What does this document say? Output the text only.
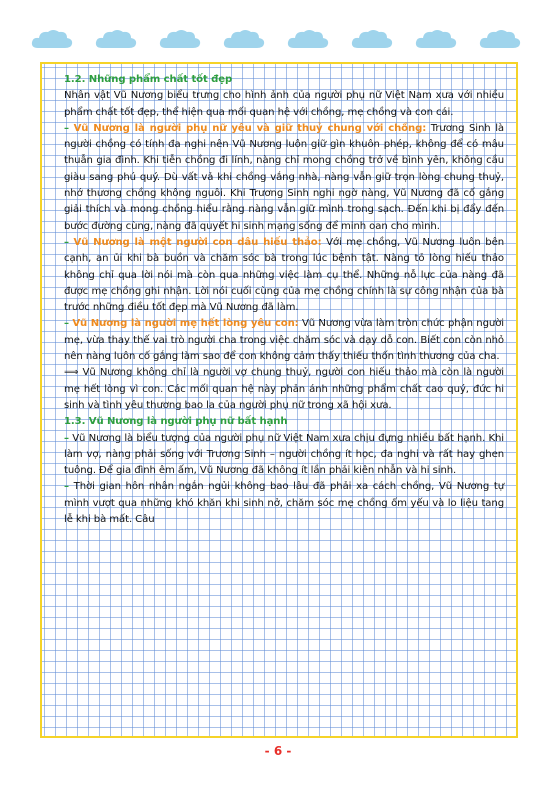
1.2. Những phẩm chất tốt đẹp

Nhân vật Vũ Nương biểu trưng cho hình ảnh của người phụ nữ Việt Nam xưa với nhiều phẩm chất tốt đẹp, thể hiện qua mối quan hệ với chồng, mẹ chồng và con cái.

– Vũ Nương là người phụ nữ yêu và giữ thuỷ chung với chồng: Trương Sinh là người chồng có tính đa nghi nên Vũ Nương luôn giữ gìn khuôn phép, không để có mâu thuẫn gia đình. Khi tiễn chồng đi lính, nàng chỉ mong chồng trở về bình yên, không cầu giàu sang phú quý. Dù vất vả khi chồng vắng nhà, nàng vẫn giữ trọn lòng chung thuỷ, nhớ thương chồng không nguôi. Khi Trương Sinh nghi ngờ nàng, Vũ Nương đã cố gắng giải thích và mong chồng hiểu rằng nàng vẫn giữ mình trong sạch. Đến khi bị đẩy đến bước đường cùng, nàng đã quyết hi sinh mạng sống để minh oan cho mình.

– Vũ Nương là một người con dâu hiếu thảo: Với mẹ chồng, Vũ Nương luôn bên cạnh, an ủi khi bà buồn và chăm sóc bà trong lúc bệnh tật. Nàng tỏ lòng hiếu thảo không chỉ qua lời nói mà còn qua những việc làm cụ thể. Những nỗ lực của nàng đã được mẹ chồng ghi nhận. Lời nói cuối cùng của mẹ chồng chính là sự công nhận của bà trước những điều tốt đẹp mà Vũ Nương đã làm.

– Vũ Nương là người mẹ hết lòng yêu con: Vũ Nương vừa làm tròn chức phận người mẹ, vừa thay thế vai trò người cha trong việc chăm sóc và dạy dỗ con. Biết con còn nhỏ nên nàng luôn cố gắng làm sao để con không cảm thấy thiếu thốn tình thương của cha.

⟹ Vũ Nương không chỉ là người vợ chung thuỷ, người con hiếu thảo mà còn là người mẹ hết lòng vì con. Các mối quan hệ này phản ánh những phẩm chất cao quý, đức hi sinh và tình yêu thương bao la của người phụ nữ trong xã hội xưa.

1.3. Vũ Nương là người phụ nữ bất hạnh

– Vũ Nương là biểu tượng của người phụ nữ Việt Nam xưa chịu đựng nhiều bất hạnh. Khi làm vợ, nàng phải sống với Trương Sinh – người chồng ít học, đa nghi và rất hay ghen tuông. Để gia đình êm ấm, Vũ Nương đã không ít lần phải kiên nhẫn và hi sinh.

– Thời gian hôn nhân ngắn ngủi không bao lâu đã phải xa cách chồng, Vũ Nương tự mình vượt qua những khó khăn khi sinh nở, chăm sóc mẹ chồng ốm yếu và lo liệu tang lễ khi bà mất. Câu

- 6 -
